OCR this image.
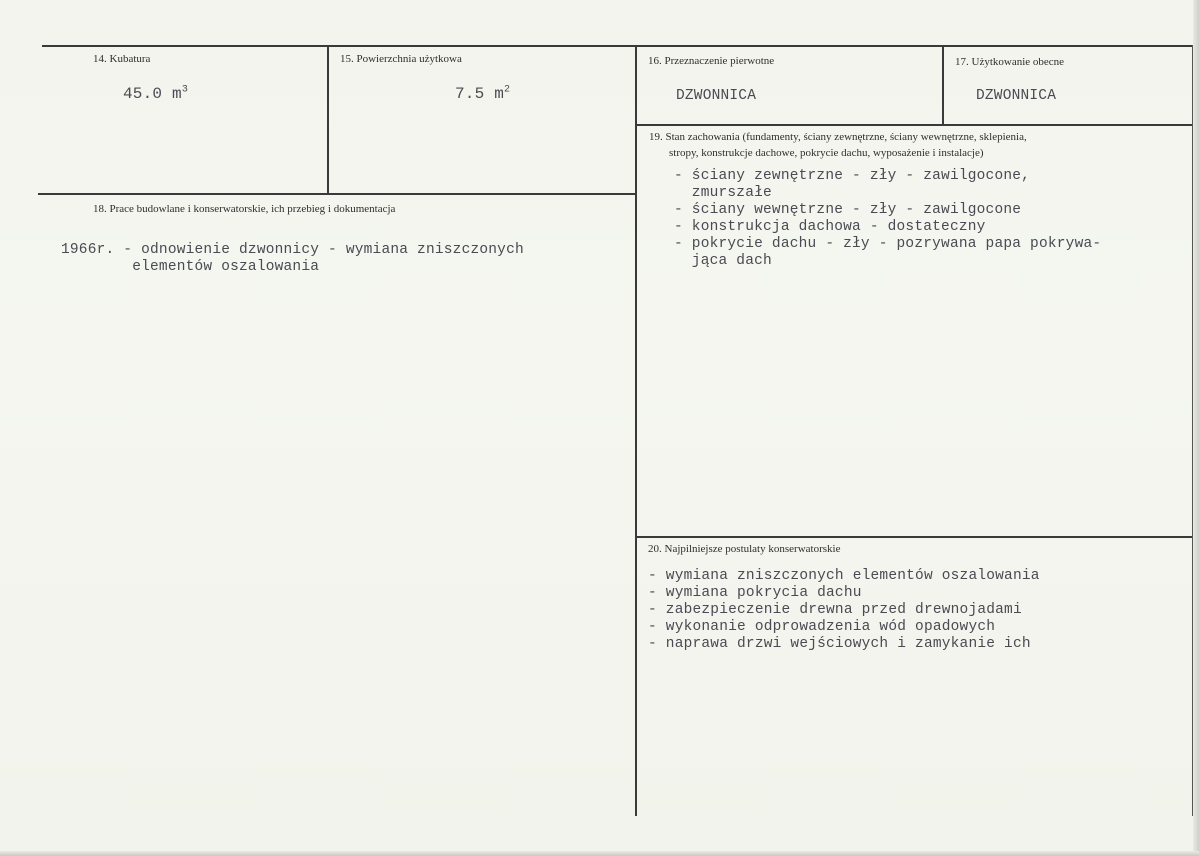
14. Kubatura
45.0 $m^3$
15. Powierzchnia użytkowa
7.5 $m^2$
16. Przeznaczenie pierwotne
DZWONNICA
17. Użytkowanie obecne
DZWONNICA
18. Prace budowlane i konserwatorskie, ich przebieg i dokumentacja
1966r. - odnowienie dzwonnicy - wymiana zniszczonych
elementów oszalowania
19. Stan zachowania (fundamenty, ściany zewnętrzne, ściany wewnętrzne, sklepienia,
stropy, konstrukcje dachowe, pokrycie dachu, wyposażenie i instalacje)
- ściany zewnętrzne - zły - zawilgocone,
zmurszałe
- ściany wewnętrzne - zły - zawilgocone
- konstrukcja dachowa - dostateczny
- pokrycie dachu - zły - pozrywana papa pokrywa-
jąca dach
20. Najpilniejsze postulaty konserwatorskie
- wymiana zniszczonych elementów oszalowania
- wymiana pokrycia dachu
- zabezpieczenie drewna przed drewnojadami
- wykonanie odprowadzenia wód opadowych
- naprawa drzwi wejściowych i zamykanie ich
